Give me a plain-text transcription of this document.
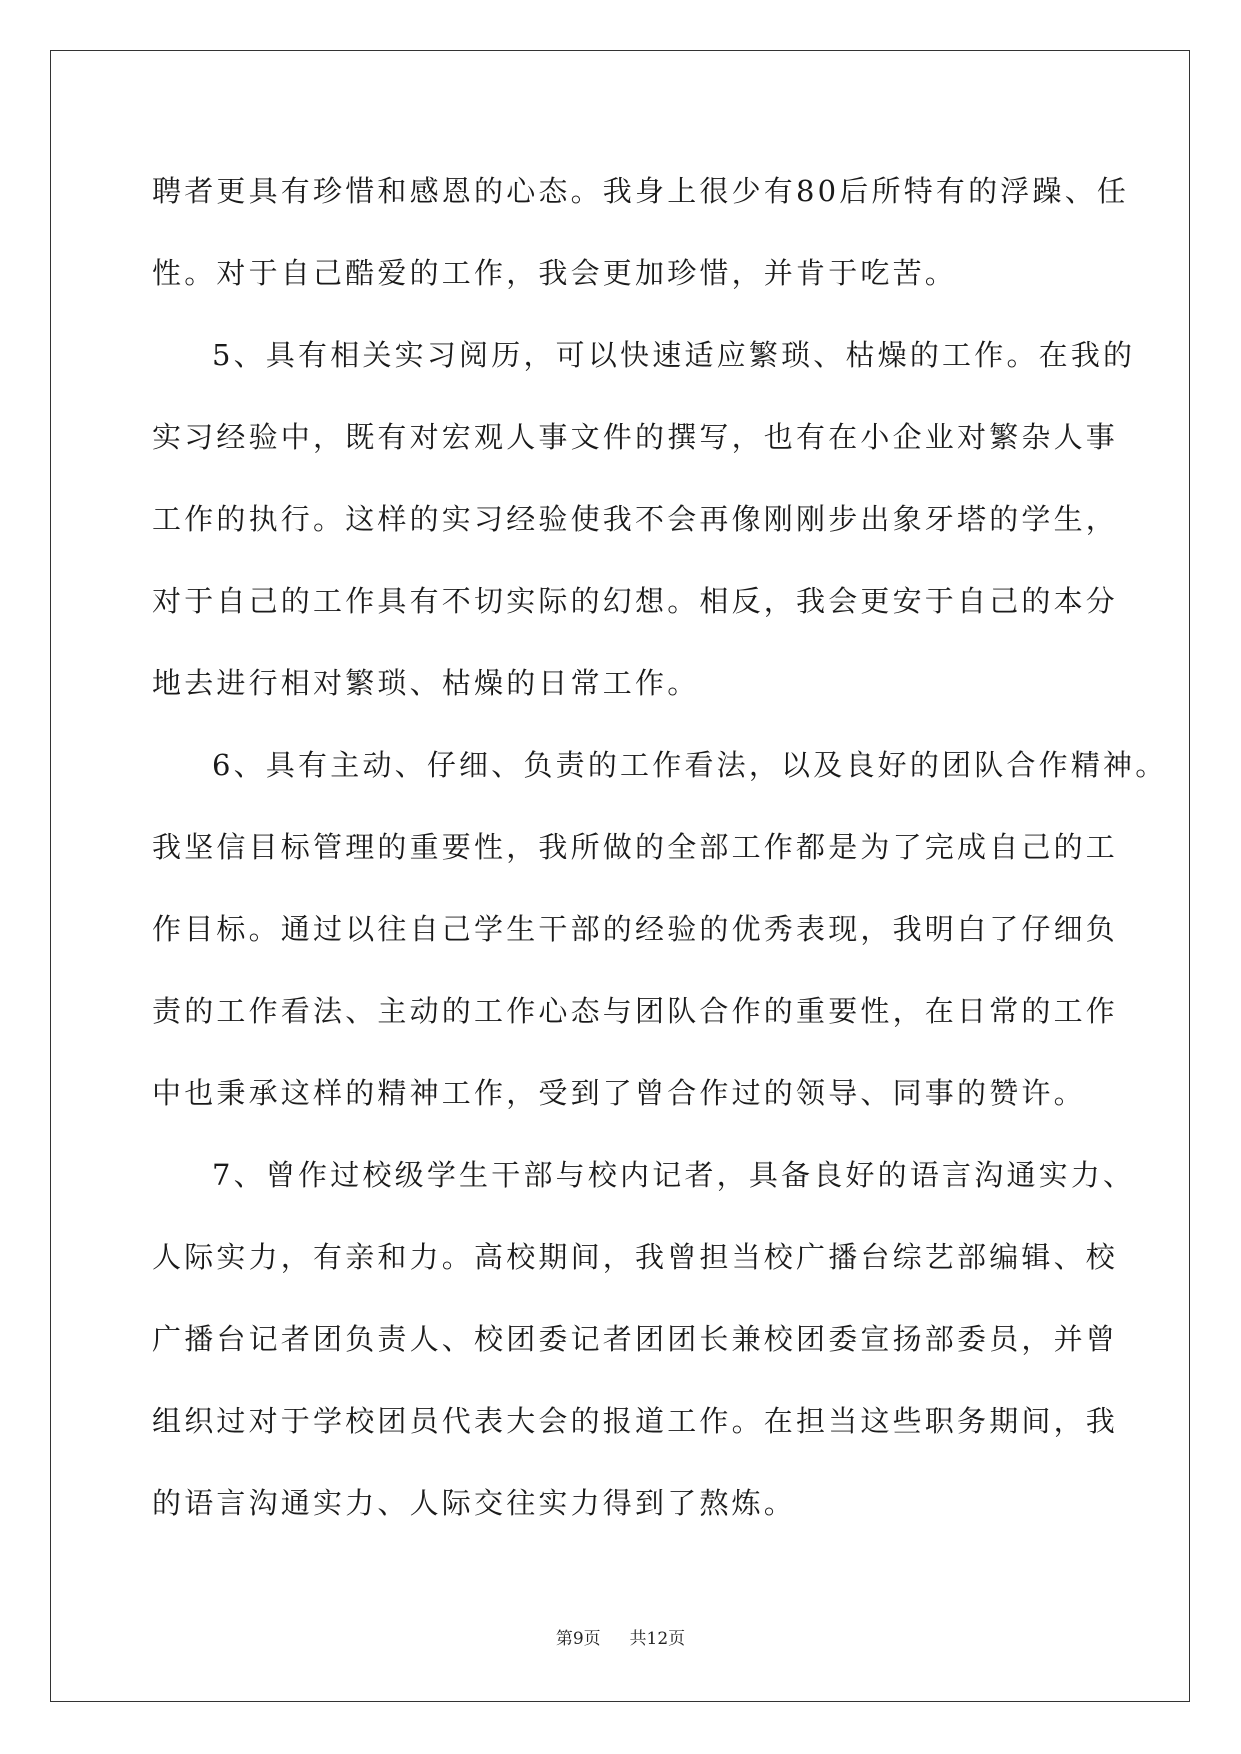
聘者更具有珍惜和感恩的心态。我身上很少有80后所特有的浮躁、任
性。对于自己酷爱的工作，我会更加珍惜，并肯于吃苦。
5、具有相关实习阅历，可以快速适应繁琐、枯燥的工作。在我的
实习经验中，既有对宏观人事文件的撰写，也有在小企业对繁杂人事
工作的执行。这样的实习经验使我不会再像刚刚步出象牙塔的学生，
对于自己的工作具有不切实际的幻想。相反，我会更安于自己的本分
地去进行相对繁琐、枯燥的日常工作。
6、具有主动、仔细、负责的工作看法，以及良好的团队合作精神。
我坚信目标管理的重要性，我所做的全部工作都是为了完成自己的工
作目标。通过以往自己学生干部的经验的优秀表现，我明白了仔细负
责的工作看法、主动的工作心态与团队合作的重要性，在日常的工作
中也秉承这样的精神工作，受到了曾合作过的领导、同事的赞许。
7、曾作过校级学生干部与校内记者，具备良好的语言沟通实力、
人际实力，有亲和力。高校期间，我曾担当校广播台综艺部编辑、校
广播台记者团负责人、校团委记者团团长兼校团委宣扬部委员，并曾
组织过对于学校团员代表大会的报道工作。在担当这些职务期间，我
的语言沟通实力、人际交往实力得到了熬炼。
第9页 共12页
